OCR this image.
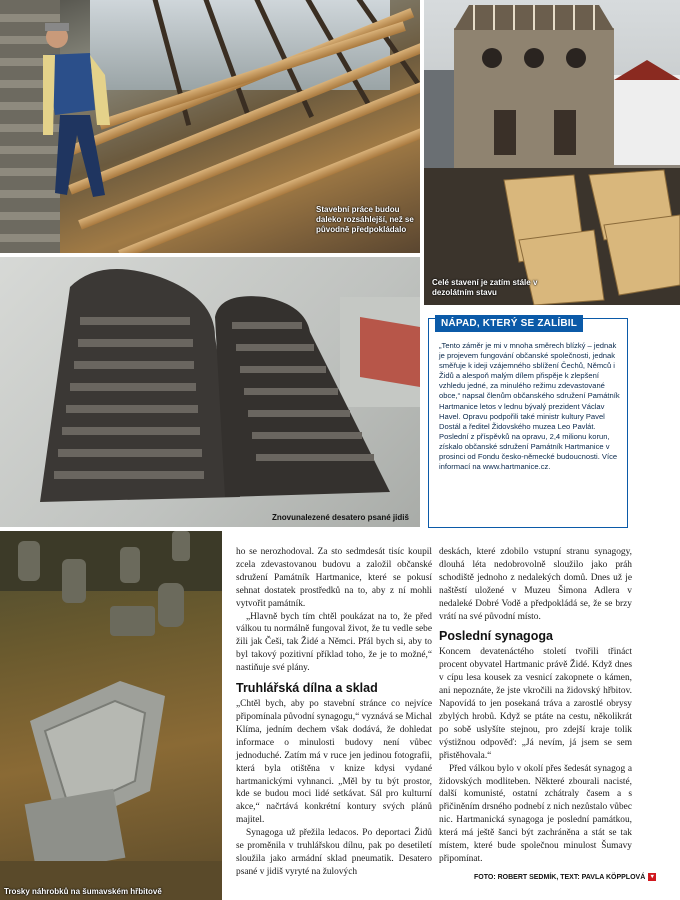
Stavební práce budou daleko rozsáhlejší, než se původně předpokládalo
Celé stavení je zatím stále v dezolátním stavu
Znovunalezené desatero psané jidiš
Trosky náhrobků na šumavském hřbitově
NÁPAD, KTERÝ SE ZALÍBIL
„Tento záměr je mi v mnoha směrech blízký – jednak je projevem fungování občanské společnosti, jednak směřuje k ideji vzájemného sblížení Čechů, Němců i Židů a alespoň malým dílem přispěje k zlepšení vzhledu jedné, za minulého režimu zdevastované obce,“ napsal členům občanského sdružení Památník Hartmanice letos v lednu bývalý prezident Václav Havel. Opravu podpořili také ministr kultury Pavel Dostál a ředitel Židovského muzea Leo Pavlát. Poslední z příspěvků na opravu, 2,4 milionu korun, získalo občanské sdružení Památník Hartmanice v prosinci od Fondu česko-německé budoucnosti. Více informací na www.hartmanice.cz.

ho se nerozhodoval. Za sto sedmdesát tisíc koupil zcela zdevastovanou budovu a založil občanské sdružení Památník Hartmanice, které se pokusí sehnat dostatek prostředků na to, aby z ní mohli vytvořit památník.

„Hlavně bych tím chtěl poukázat na to, že před válkou tu normálně fungoval život, že tu vedle sebe žili jak Češi, tak Židé a Němci. Přál bych si, aby to byl takový pozitivní příklad toho, že je to možné,“ nastiňuje své plány.

Truhlářská dílna a sklad

„Chtěl bych, aby po stavební stránce co nejvíce připomínala původní synagogu,“ vyznává se Michal Klíma, jedním dechem však dodává, že dohledat informace o minulosti budovy není vůbec jednoduché. Zatím má v ruce jen jedinou fotografii, která byla otištěna v knize kdysi vydané hartmanickými vyhnanci. „Měl by tu být prostor, kde se budou moci lidé setkávat. Sál pro kulturní akce,“ načrtává konkrétní kontury svých plánů majitel.

Synagoga už přežila ledacos. Po deportaci Židů se proměnila v truhlářskou dílnu, pak po desetiletí sloužila jako armádní sklad pneumatik. Desatero psané v jidiš vyryté na žulových

deskách, které zdobilo vstupní stranu synagogy, dlouhá léta nedobrovolně sloužilo jako práh schodiště jednoho z nedalekých domů. Dnes už je naštěstí uložené v Muzeu Šimona Adlera v nedaleké Dobré Vodě a předpokládá se, že se brzy vrátí na své původní místo.

Poslední synagoga

Koncem devatenáctého století tvořili třináct procent obyvatel Hartmanic právě Židé. Když dnes v cípu lesa kousek za vesnicí zakopnete o kámen, ani nepoznáte, že jste vkročili na židovský hřbitov. Napovídá to jen posekaná tráva a zarostlé obrysy zbylých hrobů. Když se ptáte na cestu, několikrát po sobě uslyšíte stejnou, pro zdejší kraje tolik výstižnou odpověď: „Já nevím, já jsem se sem přistěhovala.“

Před válkou bylo v okolí přes šedesát synagog a židovských modliteben. Některé zbourali nacisté, další komunisté, ostatní zchátraly časem a s přičiněním drsného podnebí z nich nezůstalo vůbec nic. Hartmanická synagoga je poslední památkou, která má ještě šanci být zachráněna a stát se tak místem, které bude společnou minulost Šumavy připomínat.

FOTO: ROBERT SEDMÍK, TEXT: PAVLA KÖPPLOVÁ ▾
